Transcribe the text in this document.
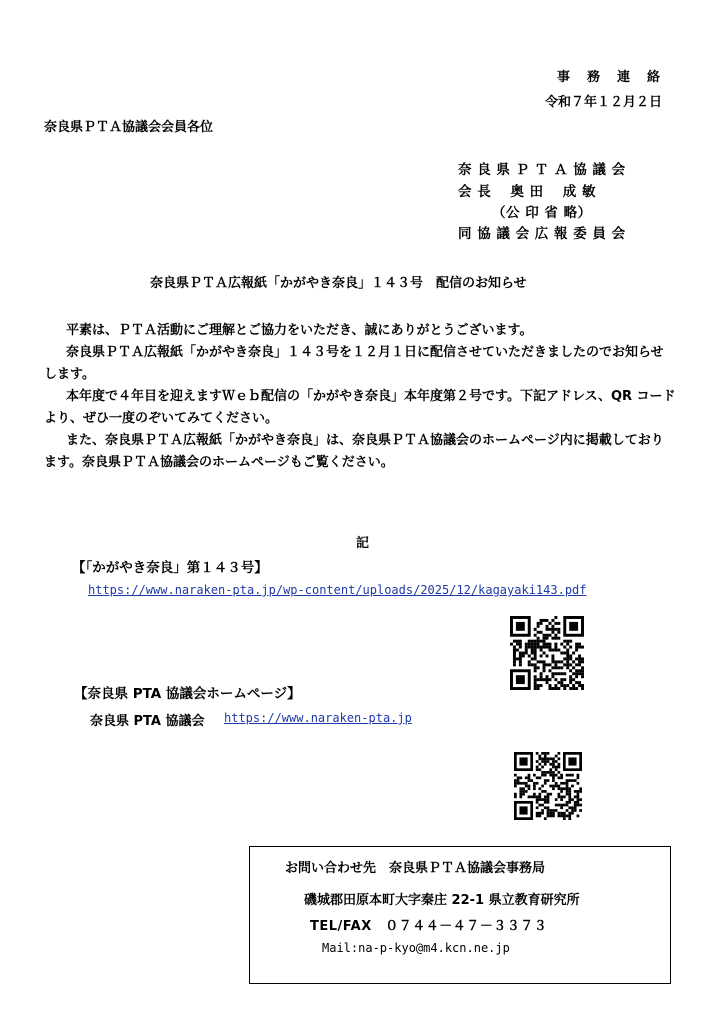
事　務　連　絡
令和７年１２月２日
奈良県ＰＴＡ協議会会員各位
奈 良 県 Ｐ Ｔ Ａ 協 議 会
会 長　 奥 田　 成 敏
（公 印 省 略）
同 協 議 会 広 報 委 員 会
奈良県ＰＴＡ広報紙「かがやき奈良」１４３号　配信のお知らせ
平素は、ＰＴＡ活動にご理解とご協力をいただき、誠にありがとうございます。
奈良県ＰＴＡ広報紙「かがやき奈良」１４３号を１２月１日に配信させていただきましたのでお知らせします。
本年度で４年目を迎えますＷｅｂ配信の「かがやき奈良」本年度第２号です。下記アドレス、QR コードより、ぜひ一度のぞいてみてください。
また、奈良県ＰＴＡ広報紙「かがやき奈良」は、奈良県ＰＴＡ協議会のホームページ内に掲載しております。奈良県ＰＴＡ協議会のホームページもご覧ください。
記
【「かがやき奈良」第１４３号】
https://www.naraken-pta.jp/wp-content/uploads/2025/12/kagayaki143.pdf
【奈良県 PTA 協議会ホームページ】
奈良県 PTA 協議会 https://www.naraken-pta.jp
お問い合わせ先　奈良県ＰＴＡ協議会事務局
磯城郡田原本町大字秦庄 22-1 県立教育研究所
TEL/FAX　０７４４－４７－３３７３
Mail:na-p-kyo@m4.kcn.ne.jp
